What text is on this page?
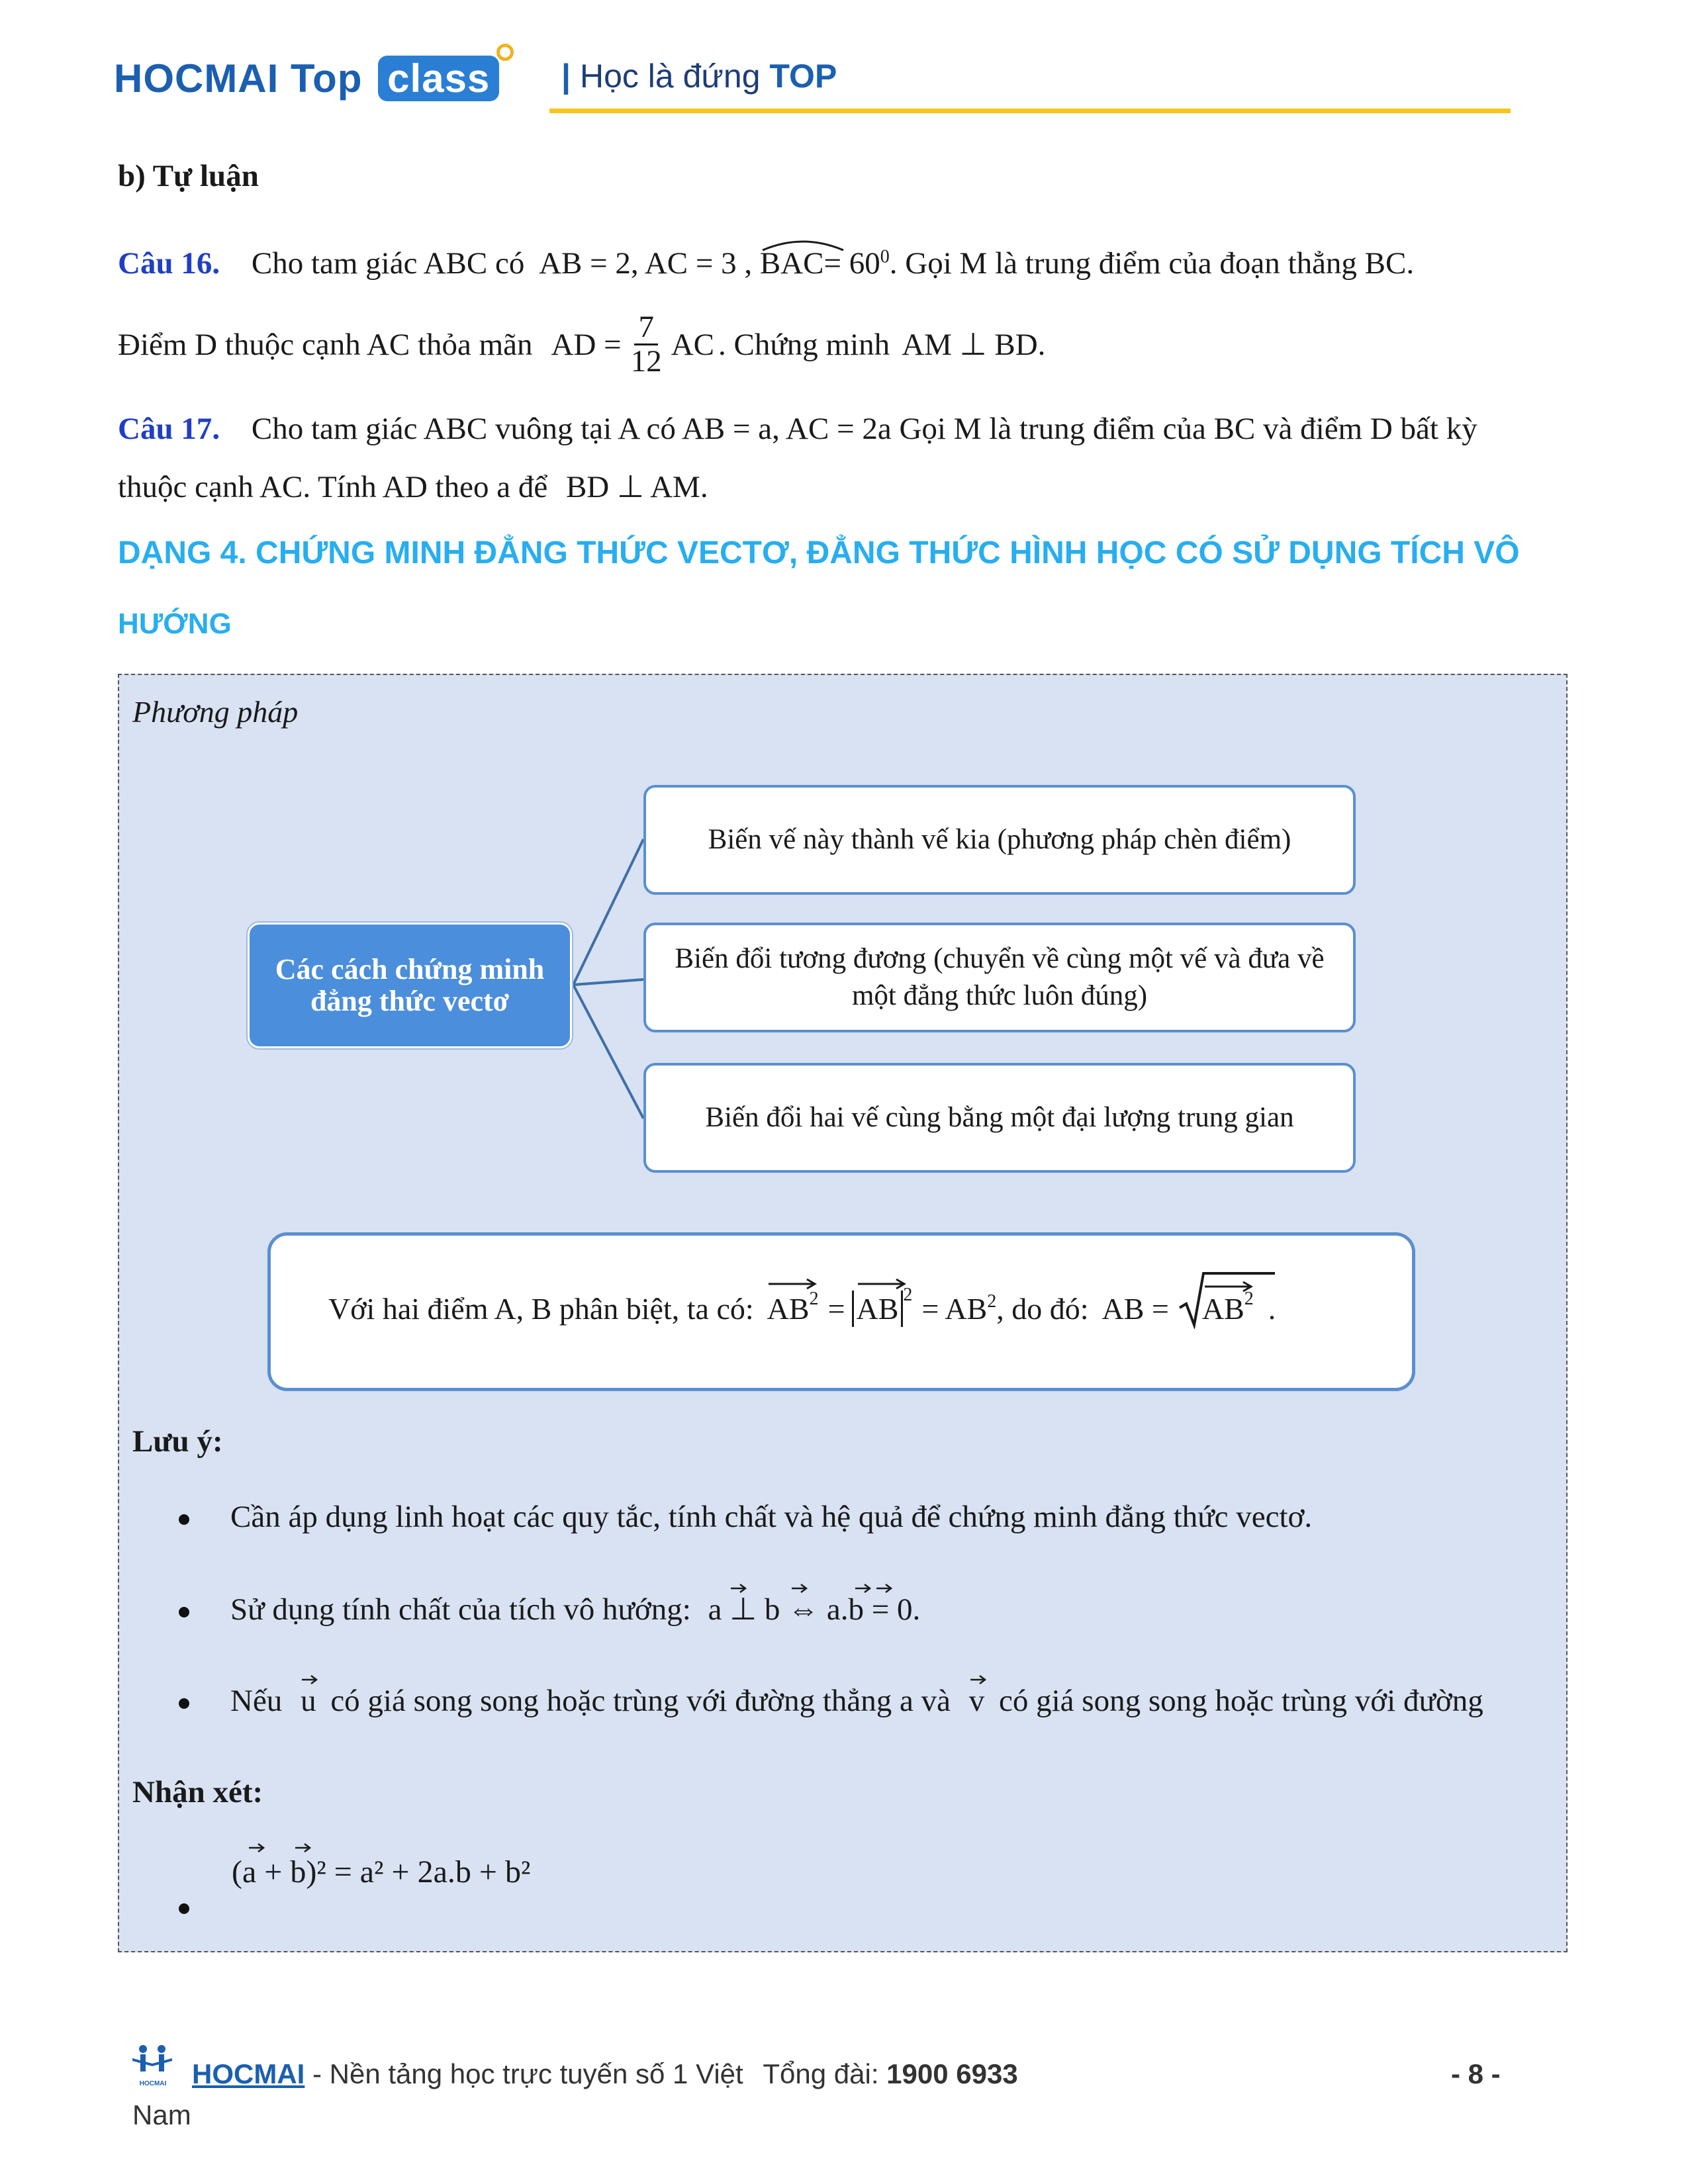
HOCMAI Top class | Học là đứng TOP
b) Tự luận
Câu 16. Cho tam giác ABC có AB = 2, AC = 3 , $BAC= 60^0$. Gọi M là trung điểm của đoạn thẳng BC.
Điểm D thuộc cạnh AC thỏa mãn AD = $\frac{7}{12}$ AC . Chứng minh AM ⊥ BD .
Câu 17. Cho tam giác ABC vuông tại A có AB = a, AC = 2a Gọi M là trung điểm của BC và điểm D bất kỳ
thuộc cạnh AC. Tính AD theo a để BD ⊥ AM.
DẠNG 4. CHỨNG MINH ĐẲNG THỨC VECTƠ, ĐẲNG THỨC HÌNH HỌC CÓ SỬ DỤNG TÍCH VÔ
HƯỚNG
Phương pháp
Các cách chứng minh đẳng thức vectơ
Biến vế này thành vế kia (phương pháp chèn điểm)
Biến đổi tương đương (chuyển về cùng một vế và đưa về một đẳng thức luôn đúng)
Biến đổi hai vế cùng bằng một đại lượng trung gian
Với hai điểm A, B phân biệt, ta có: $AB^2$ = AB $^2 = AB^2$ , do đó: AB =	$AB^2$ .
Lưu ý:
Cần áp dụng linh hoạt các quy tắc, tính chất và hệ quả để chứng minh đẳng thức vectơ.
Sử dụng tính chất của tích vô hướng: a ⊥ b ⇔ a.b = 0.
Nếu u có giá song song hoặc trùng với đường thẳng a và v có giá song song hoặc trùng với đường
Nhận xét:
(a + b)² = a² + 2a.b + b²
HOCMAI HOCMAI - Nền tảng học trực tuyến số 1 Việt Tổng đài: 1900 6933	- 8 -
Nam
